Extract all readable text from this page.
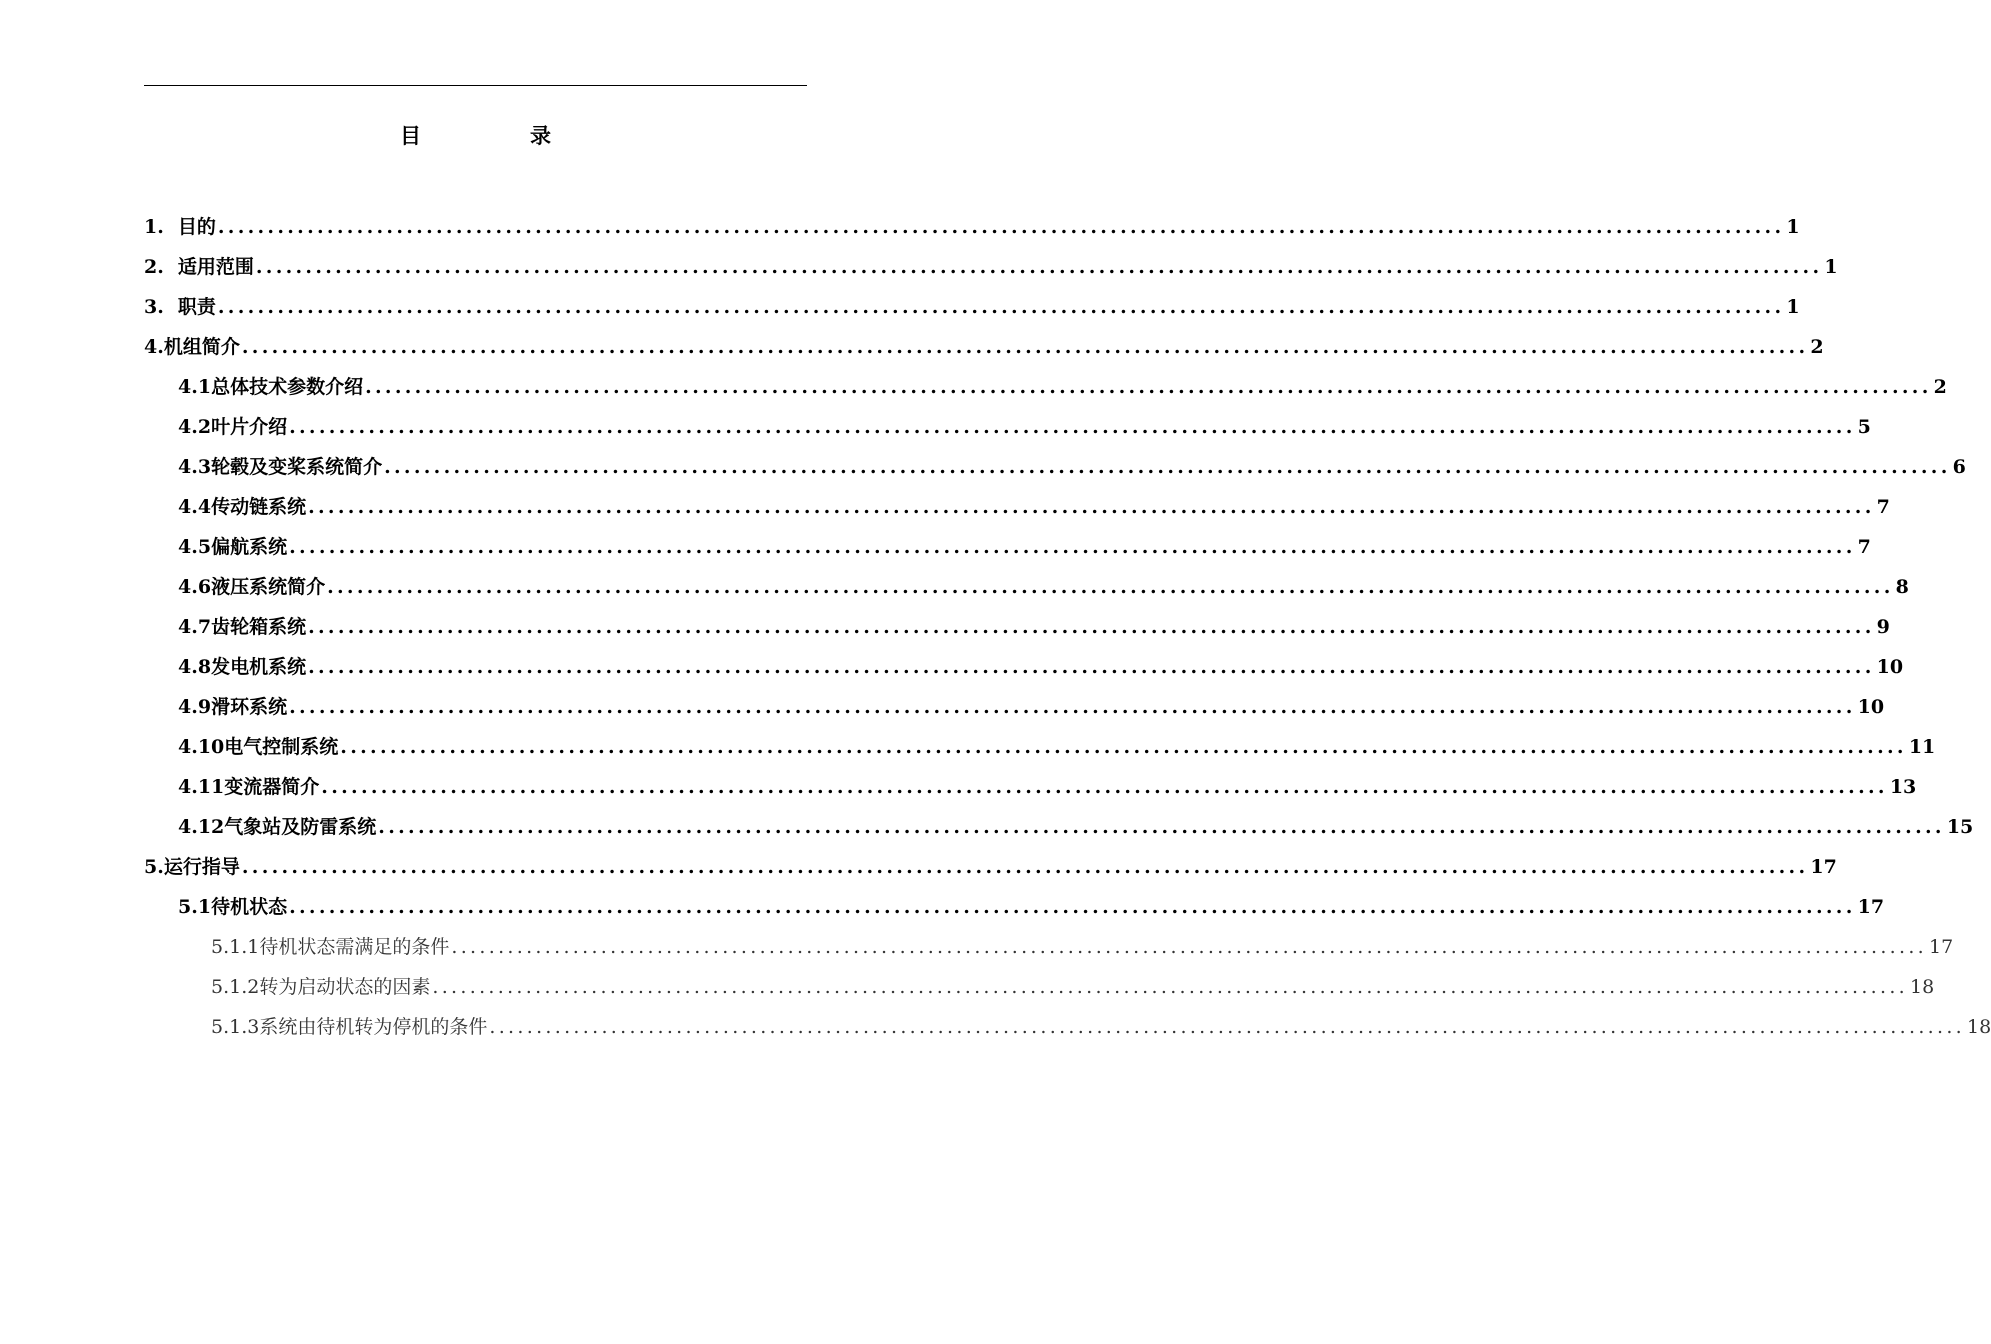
目　录
1. 目的 .............................................................................................................................................................. 1
2. 适用范围 .............................................................................................................................................................. 1
3. 职责 .............................................................................................................................................................. 1
4. 机组简介 .............................................................................................................................................................. 2
4.1 总体技术参数介绍 .............................................................................................................................................................. 2
4.2 叶片介绍 .............................................................................................................................................................. 5
4.3 轮毂及变桨系统简介 .............................................................................................................................................................. 6
4.4 传动链系统 .............................................................................................................................................................. 7
4.5 偏航系统 .............................................................................................................................................................. 7
4.6 液压系统简介 .............................................................................................................................................................. 8
4.7 齿轮箱系统 .............................................................................................................................................................. 9
4.8 发电机系统 .............................................................................................................................................................. 10
4.9 滑环系统 .............................................................................................................................................................. 10
4.10 电气控制系统 .............................................................................................................................................................. 11
4.11 变流器简介 .............................................................................................................................................................. 13
4.12 气象站及防雷系统 .............................................................................................................................................................. 15
5. 运行指导 .............................................................................................................................................................. 17
5.1 待机状态 .............................................................................................................................................................. 17
5.1.1 待机状态需满足的条件 .............................................................................................................................................................. 17
5.1.2 转为启动状态的因素 .............................................................................................................................................................. 18
5.1.3 系统由待机转为停机的条件 .............................................................................................................................................................. 18
